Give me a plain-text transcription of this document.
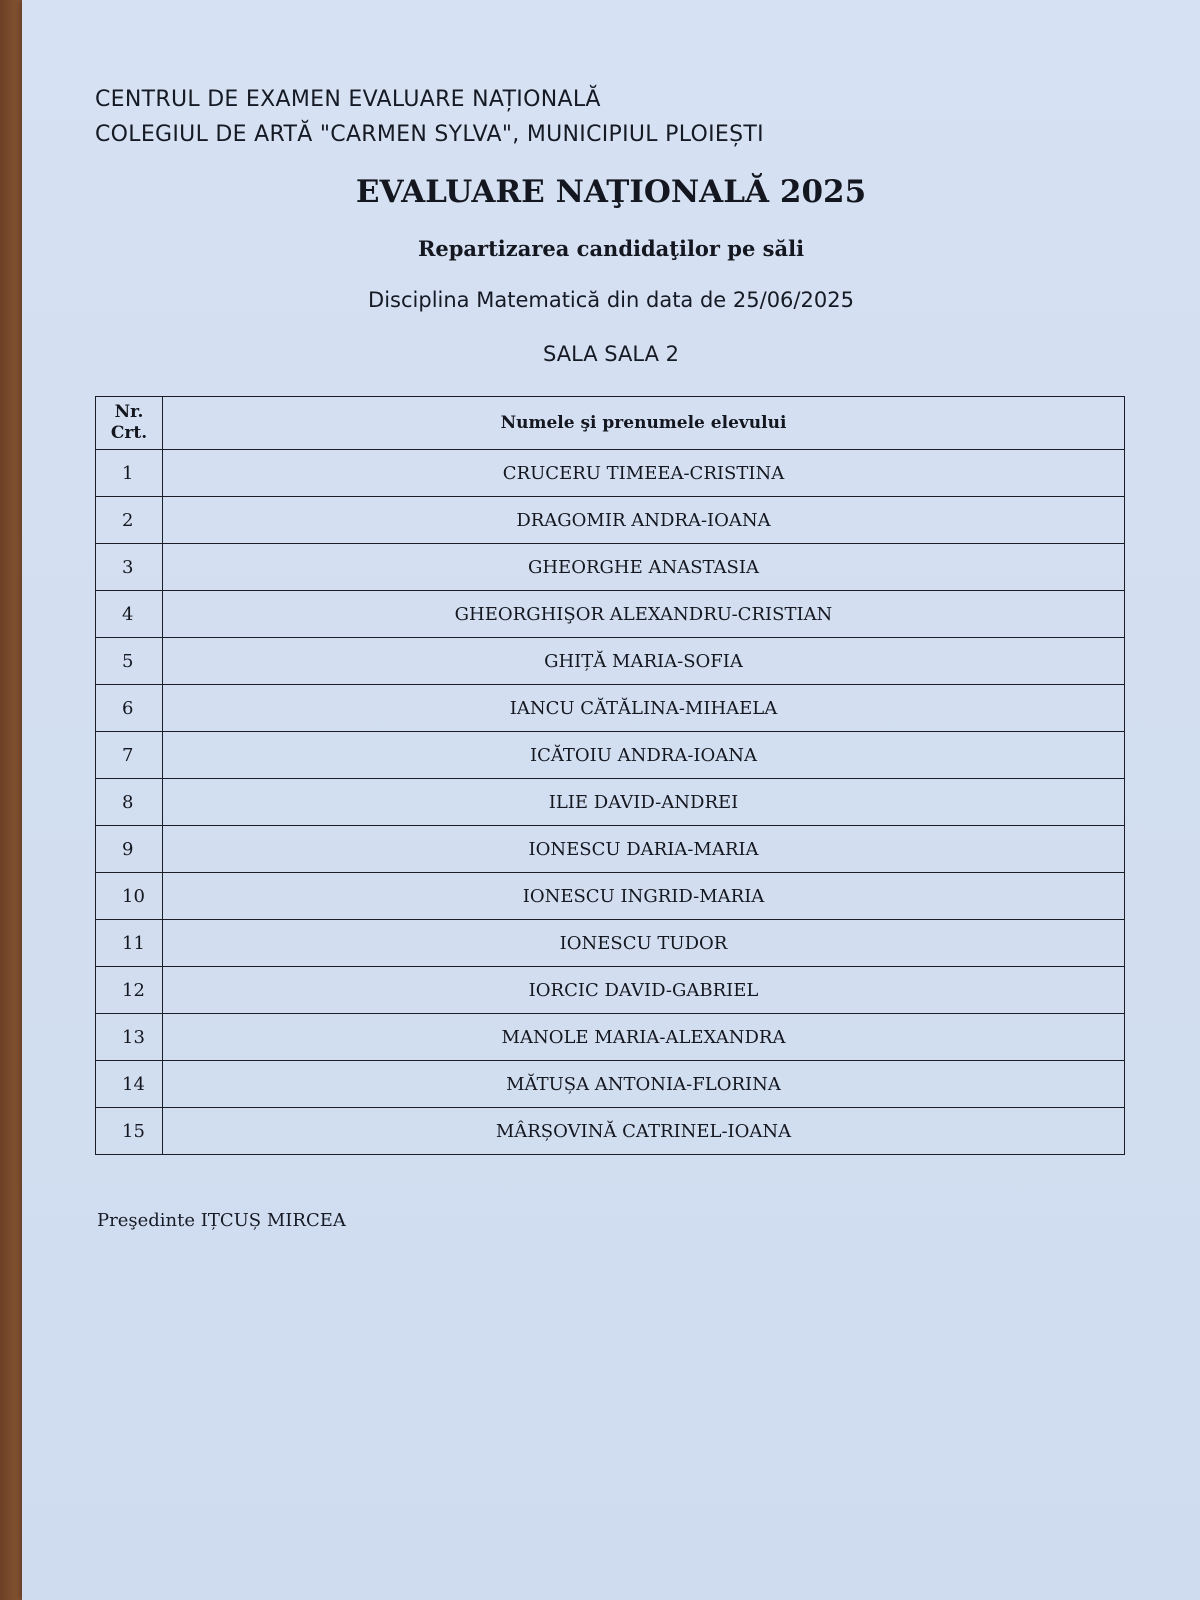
CENTRUL DE EXAMEN EVALUARE NAȚIONALĂ
COLEGIUL DE ARTĂ "CARMEN SYLVA", MUNICIPIUL PLOIEȘTI
EVALUARE NAŢIONALĂ 2025
Repartizarea candidaţilor pe săli
Disciplina Matematică din data de 25/06/2025
SALA SALA 2
Nr.
Crt.	Numele şi prenumele elevului
1	CRUCERU TIMEEA-CRISTINA
2	DRAGOMIR ANDRA-IOANA
3	GHEORGHE ANASTASIA
4	GHEORGHIŞOR ALEXANDRU-CRISTIAN
5	GHIȚĂ MARIA-SOFIA
6	IANCU CĂTĂLINA-MIHAELA
7	ICĂTOIU ANDRA-IOANA
8	ILIE DAVID-ANDREI
9	IONESCU DARIA-MARIA
10	IONESCU INGRID-MARIA
11	IONESCU TUDOR
12	IORCIC DAVID-GABRIEL
13	MANOLE MARIA-ALEXANDRA
14	MĂTUȘA ANTONIA-FLORINA
15	MÂRȘOVINĂ CATRINEL-IOANA
Preşedinte IȚCUȘ MIRCEA
